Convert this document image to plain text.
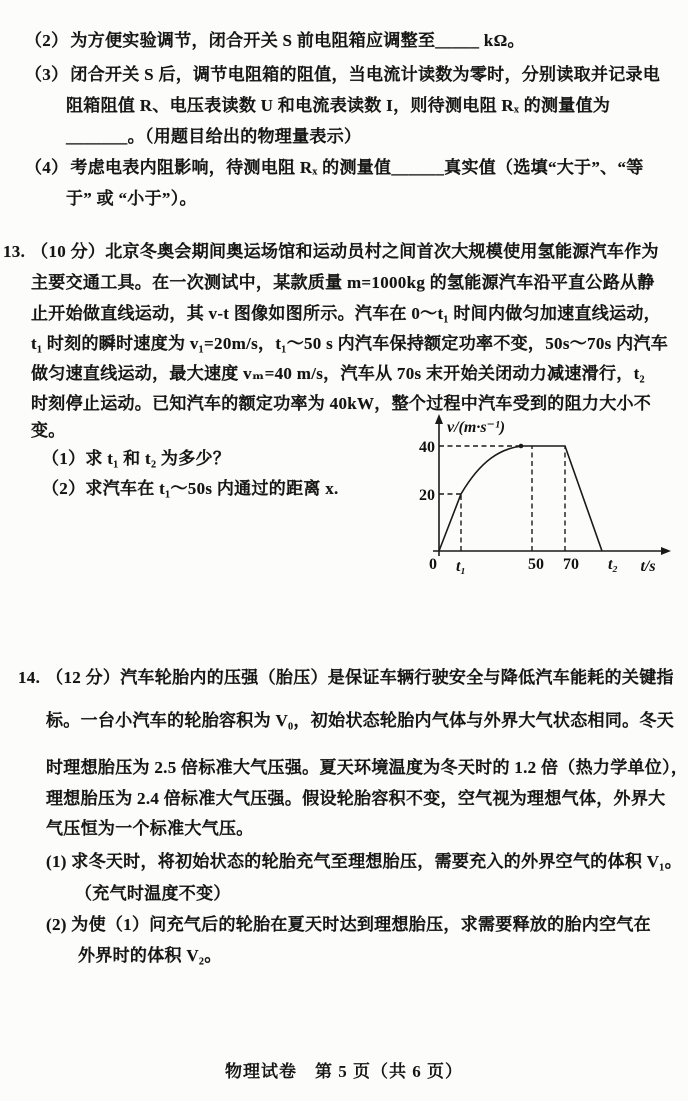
（2） 为方便实验调节，闭合开关 S 前电阻箱应调整至_____ kΩ。
（3） 闭合开关 S 后，调节电阻箱的阻值，当电流计读数为零时，分别读取并记录电
阻箱阻值 R、电压表读数 U 和电流表读数 I，则待测电阻 Rₓ 的测量值为
_______。（用题目给出的物理量表示）
（4） 考虑电表内阻影响，待测电阻 Rₓ 的测量值______真实值（选填“大于”、“等
于” 或 “小于”）。
13. （10 分）北京冬奥会期间奥运场馆和运动员村之间首次大规模使用氢能源汽车作为
主要交通工具。在一次测试中，某款质量 m=1000kg 的氢能源汽车沿平直公路从静
止开始做直线运动，其 v-t 图像如图所示。汽车在 0～t₁ 时间内做匀加速直线运动，
t₁ 时刻的瞬时速度为 v₁=20m/s，t₁～50 s 内汽车保持额定功率不变，50s～70s 内汽车
做匀速直线运动，最大速度 vₘ=40 m/s，汽车从 70s 末开始关闭动力减速滑行，t₂
时刻停止运动。已知汽车的额定功率为 40kW，整个过程中汽车受到的阻力大小不
变。
（1）求 t₁ 和 t₂ 为多少？
（2）求汽车在 t₁～50s 内通过的距离 x.
v/(m·s⁻¹)
40
20
0 t₁	50 70 t₂ t/s
14. （12 分）汽车轮胎内的压强（胎压）是保证车辆行驶安全与降低汽车能耗的关键指
标。一台小汽车的轮胎容积为 V₀，初始状态轮胎内气体与外界大气状态相同。冬天
时理想胎压为 2.5 倍标准大气压强。夏天环境温度为冬天时的 1.2 倍（热力学单位），
理想胎压为 2.4 倍标准大气压强。假设轮胎容积不变，空气视为理想气体，外界大
气压恒为一个标准大气压。
(1) 求冬天时，将初始状态的轮胎充气至理想胎压，需要充入的外界空气的体积 V₁。
（充气时温度不变）
(2) 为使（1）问充气后的轮胎在夏天时达到理想胎压，求需要释放的胎内空气在
外界时的体积 V₂。
物理试卷　第 5 页（共 6 页）
